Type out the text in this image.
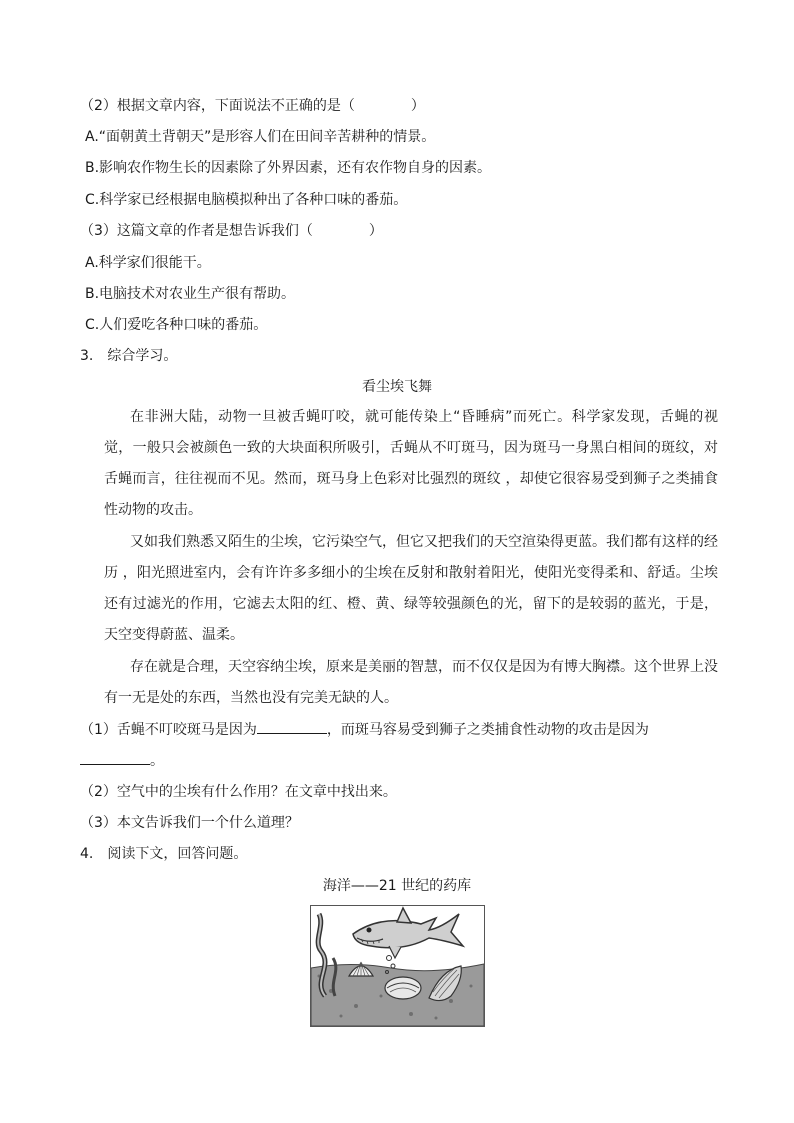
（2）根据文章内容，下面说法不正确的是（　　　　）
A.“面朝黄土背朝天”是形容人们在田间辛苦耕种的情景。
B.影响农作物生长的因素除了外界因素，还有农作物自身的因素。
C.科学家已经根据电脑模拟种出了各种口味的番茄。
（3）这篇文章的作者是想告诉我们（　　　　）
A.科学家们很能干。
B.电脑技术对农业生产很有帮助。
C.人们爱吃各种口味的番茄。
3.　综合学习。
看尘埃飞舞
在非洲大陆，动物一旦被舌蝇叮咬，就可能传染上“昏睡病”而死亡。科学家发现，舌蝇的视觉，一般只会被颜色一致的大块面积所吸引，舌蝇从不叮斑马，因为斑马一身黑白相间的斑纹，对舌蝇而言，往往视而不见。然而，斑马身上色彩对比强烈的斑纹 ，却使它很容易受到狮子之类捕食性动物的攻击。
又如我们熟悉又陌生的尘埃，它污染空气，但它又把我们的天空渲染得更蓝。我们都有这样的经历 ，阳光照进室内，会有许许多多细小的尘埃在反射和散射着阳光，使阳光变得柔和、舒适。尘埃还有过滤光的作用，它滤去太阳的红、橙、黄、绿等较强颜色的光，留下的是较弱的蓝光，于是，天空变得蔚蓝、温柔。
存在就是合理，天空容纳尘埃，原来是美丽的智慧，而不仅仅是因为有博大胸襟。这个世界上没有一无是处的东西，当然也没有完美无缺的人。
（1）舌蝇不叮咬斑马是因为	，而斑马容易受到狮子之类捕食性动物的攻击是因为
。
（2）空气中的尘埃有什么作用？在文章中找出来。
（3）本文告诉我们一个什么道理？
4.　阅读下文，回答问题。
海洋——21 世纪的药库
